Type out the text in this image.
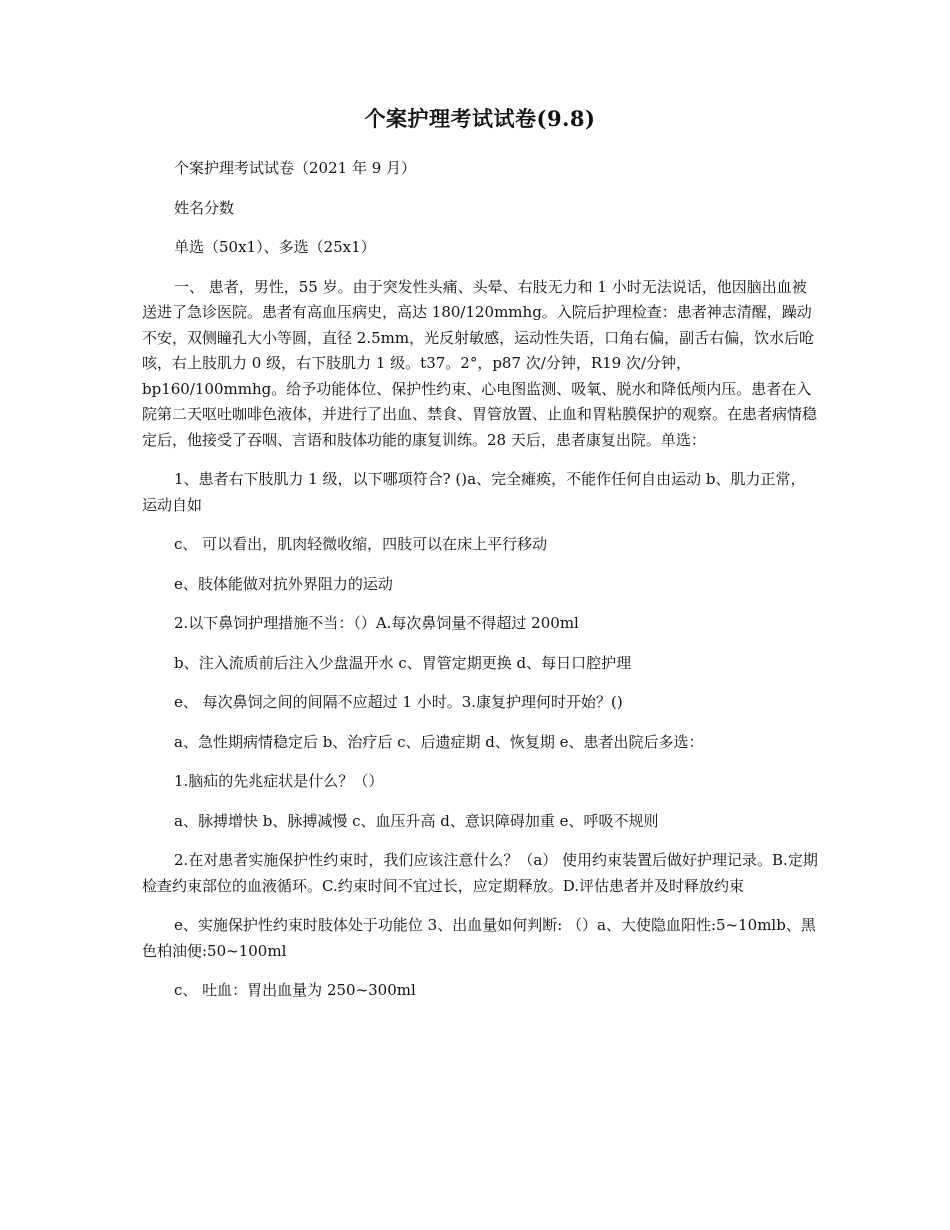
个案护理考试试卷(9.8)

个案护理考试试卷（2021 年 9 月）

姓名分数

单选（50x1）、多选（25x1）

一、 患者，男性，55 岁。由于突发性头痛、头晕、右肢无力和 1 小时无法说话，他因脑出血被送进了急诊医院。患者有高血压病史，高达 180/120mmhg。入院后护理检查：患者神志清醒，躁动不安，双侧瞳孔大小等圆，直径 2.5mm，光反射敏感，运动性失语，口角右偏，副舌右偏，饮水后呛咳，右上肢肌力 0 级，右下肢肌力 1 级。t37。2°，p87 次/分钟，R19 次/分钟，bp160/100mmhg。给予功能体位、保护性约束、心电图监测、吸氧、脱水和降低颅内压。患者在入院第二天呕吐咖啡色液体，并进行了出血、禁食、胃管放置、止血和胃粘膜保护的观察。在患者病情稳定后，他接受了吞咽、言语和肢体功能的康复训练。28 天后，患者康复出院。单选：

1、患者右下肢肌力 1 级，以下哪项符合? ()a、完全瘫痪，不能作任何自由运动 b、肌力正常，运动自如

c、 可以看出，肌肉轻微收缩，四肢可以在床上平行移动

e、肢体能做对抗外界阻力的运动

2.以下鼻饲护理措施不当：（）A.每次鼻饲量不得超过 200ml

b、注入流质前后注入少盘温开水 c、胃管定期更换 d、每日口腔护理

e、 每次鼻饲之间的间隔不应超过 1 小时。3.康复护理何时开始？()

a、急性期病情稳定后 b、治疗后 c、后遗症期 d、恢复期 e、患者出院后多选：

1.脑疝的先兆症状是什么？（）

a、脉搏增快 b、脉搏减慢 c、血压升高 d、意识障碍加重 e、呼吸不规则

2.在对患者实施保护性约束时，我们应该注意什么？（a） 使用约束装置后做好护理记录。B.定期检查约束部位的血液循环。C.约束时间不宜过长，应定期释放。D.评估患者并及时释放约束

e、实施保护性约束时肢体处于功能位 3、出血量如何判断: （）a、大使隐血阳性:5~10mlb、黑色柏油便:50~100ml

c、 吐血：胃出血量为 250~300ml
